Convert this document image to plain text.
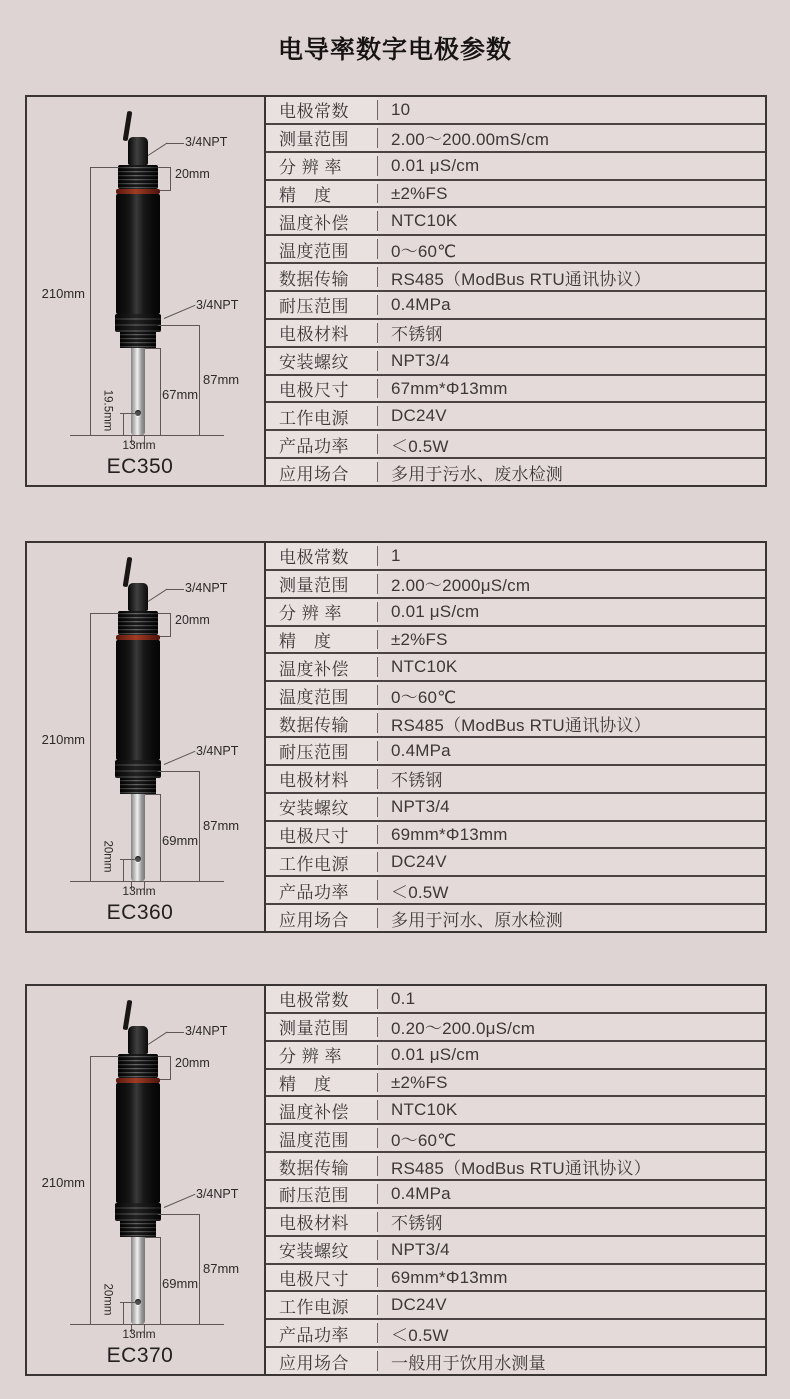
电导率数字电极参数
3/4NPT
20mm
210mm
3/4NPT
87mm
67mm
19.5mm
13mm
EC350
电极常数	10
测量范围	2.00～200.00mS/cm
分 辨 率	0.01 μS/cm
精　度	±2%FS
温度补偿	NTC10K
温度范围	0～60℃
数据传输	RS485（ModBus RTU通讯协议）
耐压范围	0.4MPa
电极材料	不锈钢
安装螺纹	NPT3/4
电极尺寸	67mm*Φ13mm
工作电源	DC24V
产品功率	＜0.5W
应用场合	多用于污水、废水检测
3/4NPT
20mm
210mm
3/4NPT
87mm
69mm
20mm
13mm
EC360
电极常数	1
测量范围	2.00～2000μS/cm
分 辨 率	0.01 μS/cm
精　度	±2%FS
温度补偿	NTC10K
温度范围	0～60℃
数据传输	RS485（ModBus RTU通讯协议）
耐压范围	0.4MPa
电极材料	不锈钢
安装螺纹	NPT3/4
电极尺寸	69mm*Φ13mm
工作电源	DC24V
产品功率	＜0.5W
应用场合	多用于河水、原水检测
3/4NPT
20mm
210mm
3/4NPT
87mm
69mm
20mm
13mm
EC370
电极常数	0.1
测量范围	0.20～200.0μS/cm
分 辨 率	0.01 μS/cm
精　度	±2%FS
温度补偿	NTC10K
温度范围	0～60℃
数据传输	RS485（ModBus RTU通讯协议）
耐压范围	0.4MPa
电极材料	不锈钢
安装螺纹	NPT3/4
电极尺寸	69mm*Φ13mm
工作电源	DC24V
产品功率	＜0.5W
应用场合	一般用于饮用水测量
